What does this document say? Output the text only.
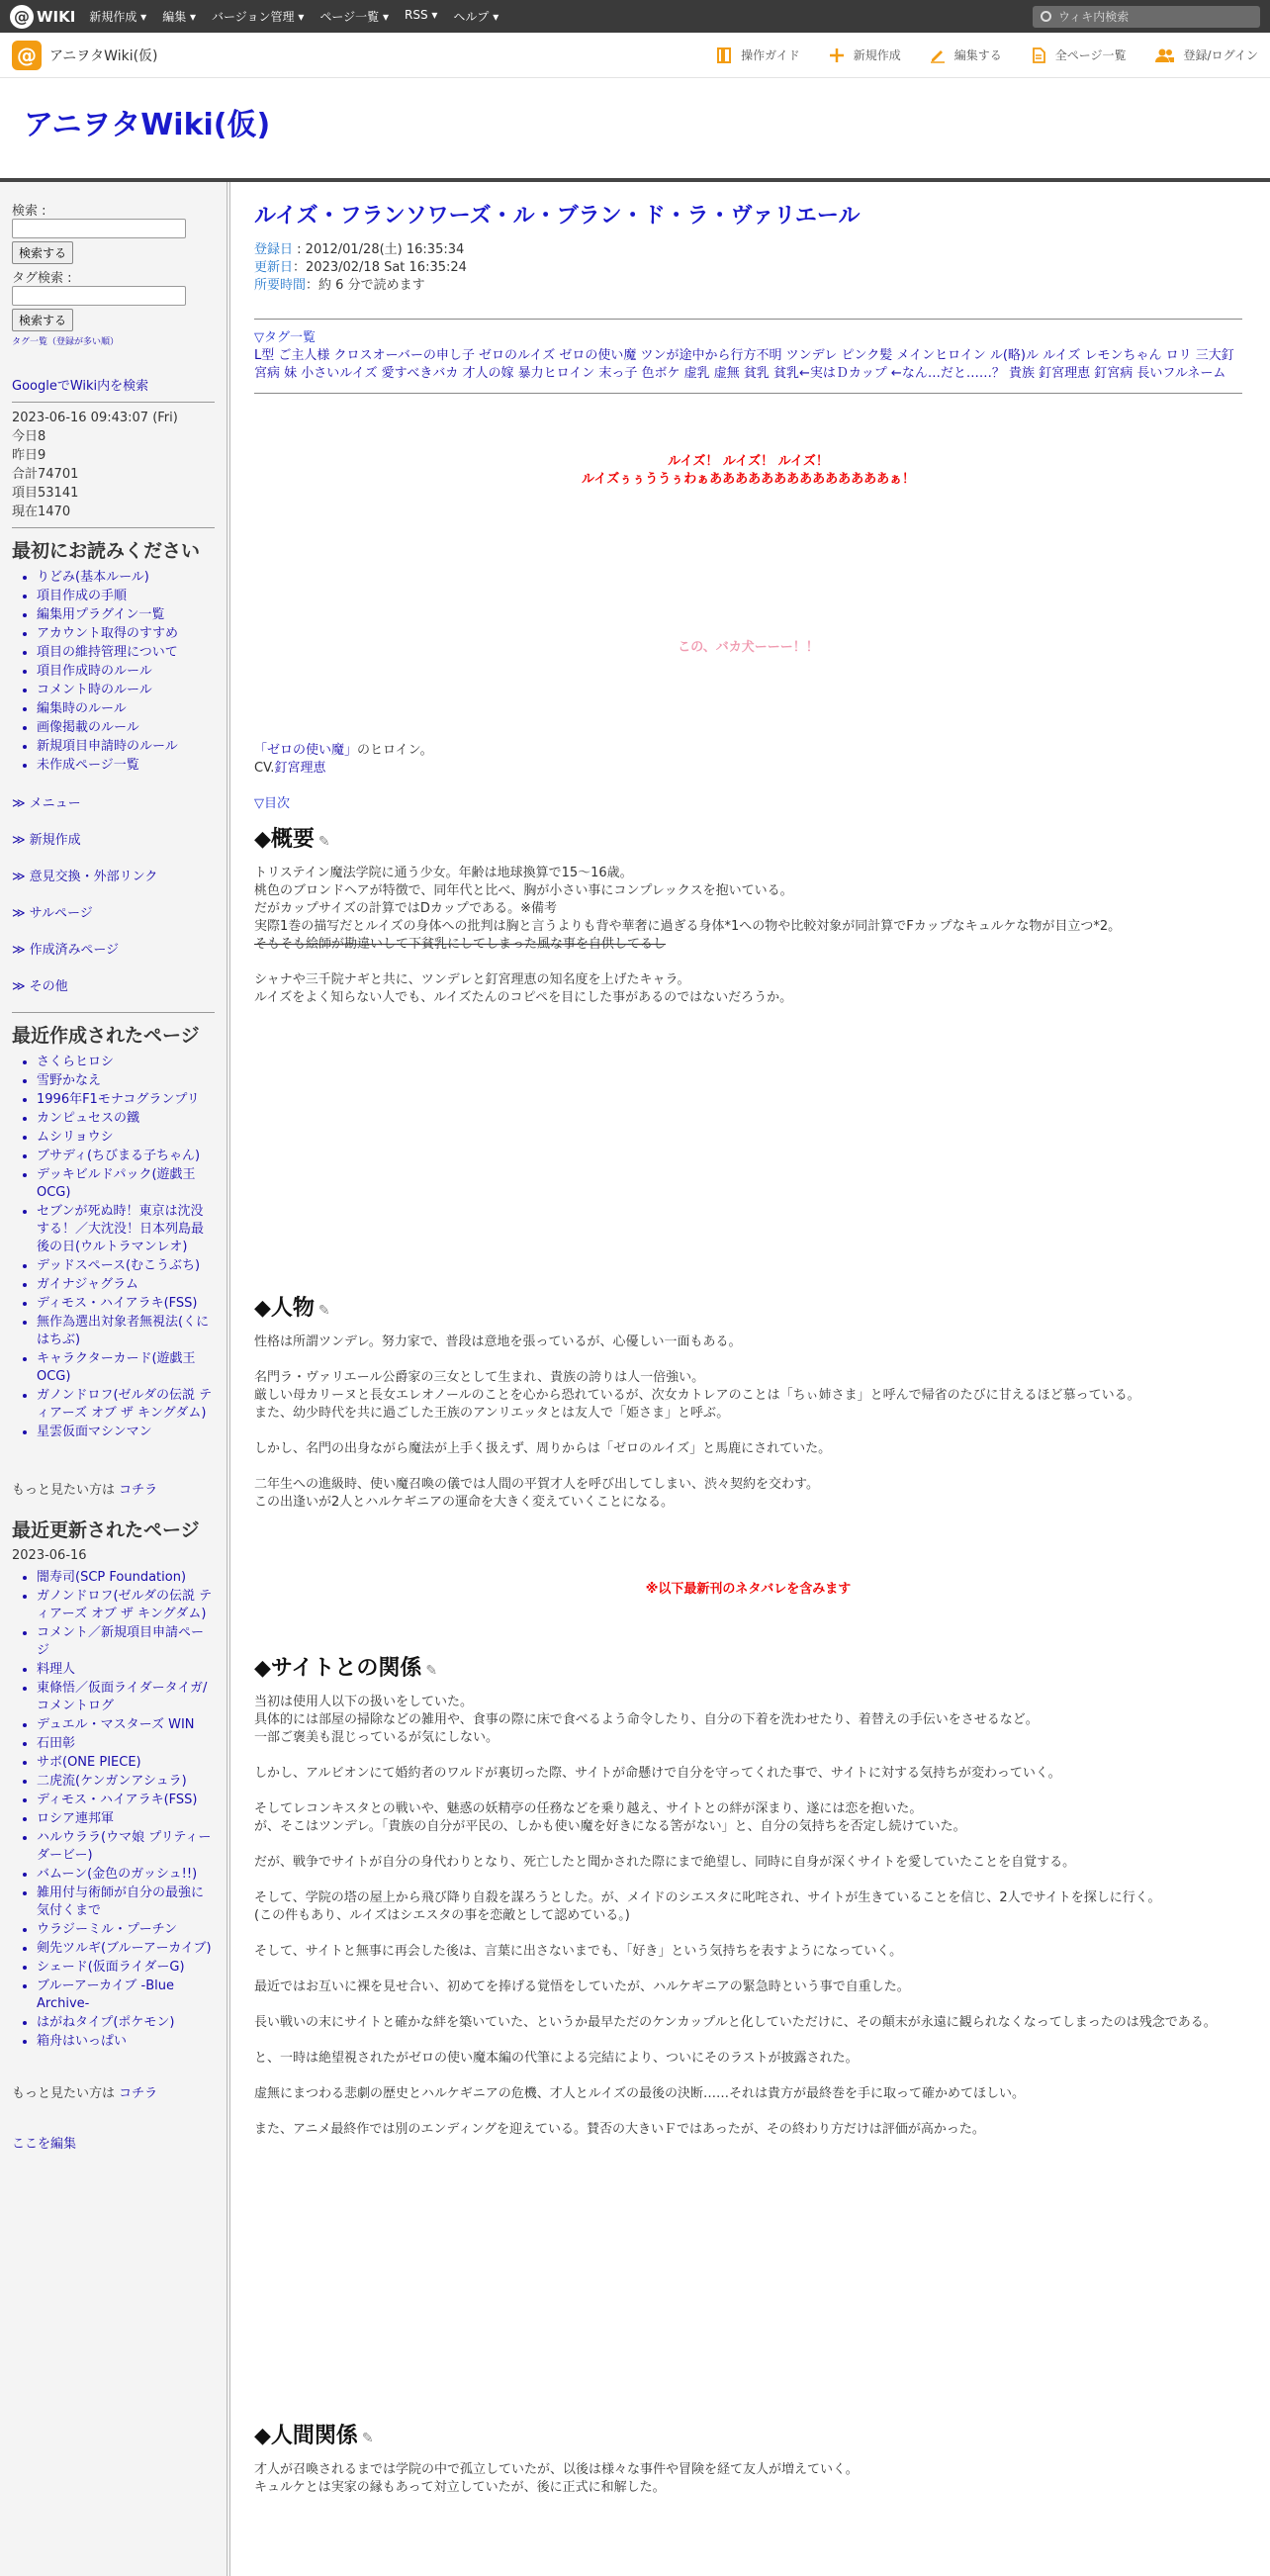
@ WIKI 新規作成 ▾ 編集 ▾ バージョン管理 ▾ ページ一覧 ▾ RSS ▾ ヘルプ ▾	ウィキ内検索
@ アニヲタWiki(仮)	操作ガイド	新規作成	編集する	全ページ一覧	登録/ログイン
アニヲタWiki(仮)
検索 :
検索する
タグ検索 :
検索する
タグ一覧（登録が多い順）
GoogleでWiki内を検索
2023-06-16 09:43:07 (Fri)
今日8
昨日9
合計74701
項目53141
現在1470
最初にお読みください
• りどみ(基本ルール)
• 項目作成の手順
• 編集用プラグイン一覧
• アカウント取得のすすめ
• 項目の維持管理について
• 項目作成時のルール
• コメント時のルール
• 編集時のルール
• 画像掲載のルール
• 新規項目申請時のルール
• 未作成ページ一覧
≫ メニュー
≫ 新規作成
≫ 意見交換・外部リンク
≫ サルページ
≫ 作成済みページ
≫ その他
最近作成されたページ
• さくらヒロシ
• 雪野かなえ
• 1996年F1モナコグランプリ
• カンピュセスの鐵
• ムシリョウシ
• ブサディ(ちびまる子ちゃん)
• デッキビルドパック(遊戯王OCG)
• セブンが死ぬ時！東京は沈没する！／大沈没！日本列島最後の日(ウルトラマンレオ)
• デッドスペース(むこうぶち)
• ガイナジャグラム
• ディモス・ハイアラキ(FSS)
• 無作為選出対象者無視法(くにはちぶ)
• キャラクターカード(遊戯王OCG)
• ガノンドロフ(ゼルダの伝説 ティアーズ オブ ザ キングダム)
• 星雲仮面マシンマン
もっと見たい方は コチラ
最近更新されたページ
2023-06-16
• 闇寿司(SCP Foundation)
• ガノンドロフ(ゼルダの伝説 ティアーズ オブ ザ キングダム)
• コメント／新規項目申請ページ
• 料理人
• 東條悟／仮面ライダータイガ/コメントログ
• デュエル・マスターズ WIN
• 石田彰
• サボ(ONE PIECE)
• 二虎流(ケンガンアシュラ)
• ディモス・ハイアラキ(FSS)
• ロシア連邦軍
• ハルウララ(ウマ娘 プリティーダービー)
• バムーン(金色のガッシュ!!)
• 雑用付与術師が自分の最強に気付くまで
• ウラジーミル・プーチン
• 剣先ツルギ(ブルーアーカイブ)
• シェード(仮面ライダーG)
• ブルーアーカイブ -Blue Archive-
• はがねタイプ(ポケモン)
• 箱舟はいっぱい
もっと見たい方は コチラ
ここを編集
ルイズ・フランソワーズ・ル・ブラン・ド・ラ・ヴァリエール
登録日 : 2012/01/28(土) 16:35:34
更新日：2023/02/18 Sat 16:35:24
所要時間：約 6 分で読めます
▽タグ一覧
L型 ご主人様 クロスオーバーの申し子 ゼロのルイズ ゼロの使い魔 ツンが途中から行方不明 ツンデレ ピンク髪 メインヒロイン ル(略)ル ルイズ レモンちゃん ロリ 三大釘宮病 妹 小さいルイズ 愛すべきバカ 才人の嫁 暴力ヒロイン 末っ子 色ボケ 虚乳 虚無 貧乳 貧乳←実はＤカップ ←なん…だと……？ 貴族 釘宮理恵 釘宮病 長いフルネーム
ルイズ！ ルイズ！ ルイズ！
ルイズぅぅううぅわぁああああああああああああああぁ！
この、バカ犬ーーー！！
「ゼロの使い魔」のヒロイン。
CV.釘宮理恵
▽目次
◆概要 ✎

トリステイン魔法学院に通う少女。年齢は地球換算で15～16歳。

桃色のブロンドヘアが特徴で、同年代と比べ、胸が小さい事にコンプレックスを抱いている。

だがカップサイズの計算ではDカップである。※備考

実際1巻の描写だとルイズの身体への批判は胸と言うよりも背や華奢に過ぎる身体*1への物や比較対象が同計算でFカップなキュルケな物が目立つ*2。

そもそも絵師が勘違いして下貧乳にしてしまった風な事を自供してるし

シャナや三千院ナギと共に、ツンデレと釘宮理恵の知名度を上げたキャラ。

ルイズをよく知らない人でも、ルイズたんのコピペを目にした事があるのではないだろうか。

◆人物 ✎

性格は所謂ツンデレ。努力家で、普段は意地を張っているが、心優しい一面もある。

名門ラ・ヴァリエール公爵家の三女として生まれ、貴族の誇りは人一倍強い。

厳しい母カリーヌと長女エレオノールのことを心から恐れているが、次女カトレアのことは「ちぃ姉さま」と呼んで帰省のたびに甘えるほど慕っている。

また、幼少時代を共に過ごした王族のアンリエッタとは友人で「姫さま」と呼ぶ。

しかし、名門の出身ながら魔法が上手く扱えず、周りからは「ゼロのルイズ」と馬鹿にされていた。

二年生への進級時、使い魔召喚の儀では人間の平賀才人を呼び出してしまい、渋々契約を交わす。

この出逢いが2人とハルケギニアの運命を大きく変えていくことになる。

※以下最新刊のネタバレを含みます
◆サイトとの関係 ✎

当初は使用人以下の扱いをしていた。

具体的には部屋の掃除などの雑用や、食事の際に床で食べるよう命令したり、自分の下着を洗わせたり、着替えの手伝いをさせるなど。

一部ご褒美も混じっているが気にしない。

しかし、アルビオンにて婚約者のワルドが裏切った際、サイトが命懸けで自分を守ってくれた事で、サイトに対する気持ちが変わっていく。

そしてレコンキスタとの戦いや、魅惑の妖精亭の任務などを乗り越え、サイトとの絆が深まり、遂には恋を抱いた。

が、そこはツンデレ。「貴族の自分が平民の、しかも使い魔を好きになる筈がない」と、自分の気持ちを否定し続けていた。

だが、戦争でサイトが自分の身代わりとなり、死亡したと聞かされた際にまで絶望し、同時に自身が深くサイトを愛していたことを自覚する。

そして、学院の塔の屋上から飛び降り自殺を謀ろうとした。が、メイドのシエスタに叱咤され、サイトが生きていることを信じ、2人でサイトを探しに行く。

(この件もあり、ルイズはシエスタの事を恋敵として認めている。)

そして、サイトと無事に再会した後は、言葉に出さないまでも、「好き」という気持ちを表すようになっていく。

最近ではお互いに裸を見せ合い、初めてを捧げる覚悟をしていたが、ハルケギニアの緊急時という事で自重した。

長い戦いの末にサイトと確かな絆を築いていた、というか最早ただのケンカップルと化していただけに、その顛末が永遠に観られなくなってしまったのは残念である。

と、一時は絶望視されたがゼロの使い魔本編の代筆による完結により、ついにそのラストが披露された。

虚無にまつわる悲劇の歴史とハルケギニアの危機、才人とルイズの最後の決断……それは貴方が最終巻を手に取って確かめてほしい。

また、アニメ最終作では別のエンディングを迎えている。賛否の大きいＦではあったが、その終わり方だけは評価が高かった。

◆人間関係 ✎

才人が召喚されるまでは学院の中で孤立していたが、以後は様々な事件や冒険を経て友人が増えていく。

キュルケとは実家の縁もあって対立していたが、後に正式に和解した。
